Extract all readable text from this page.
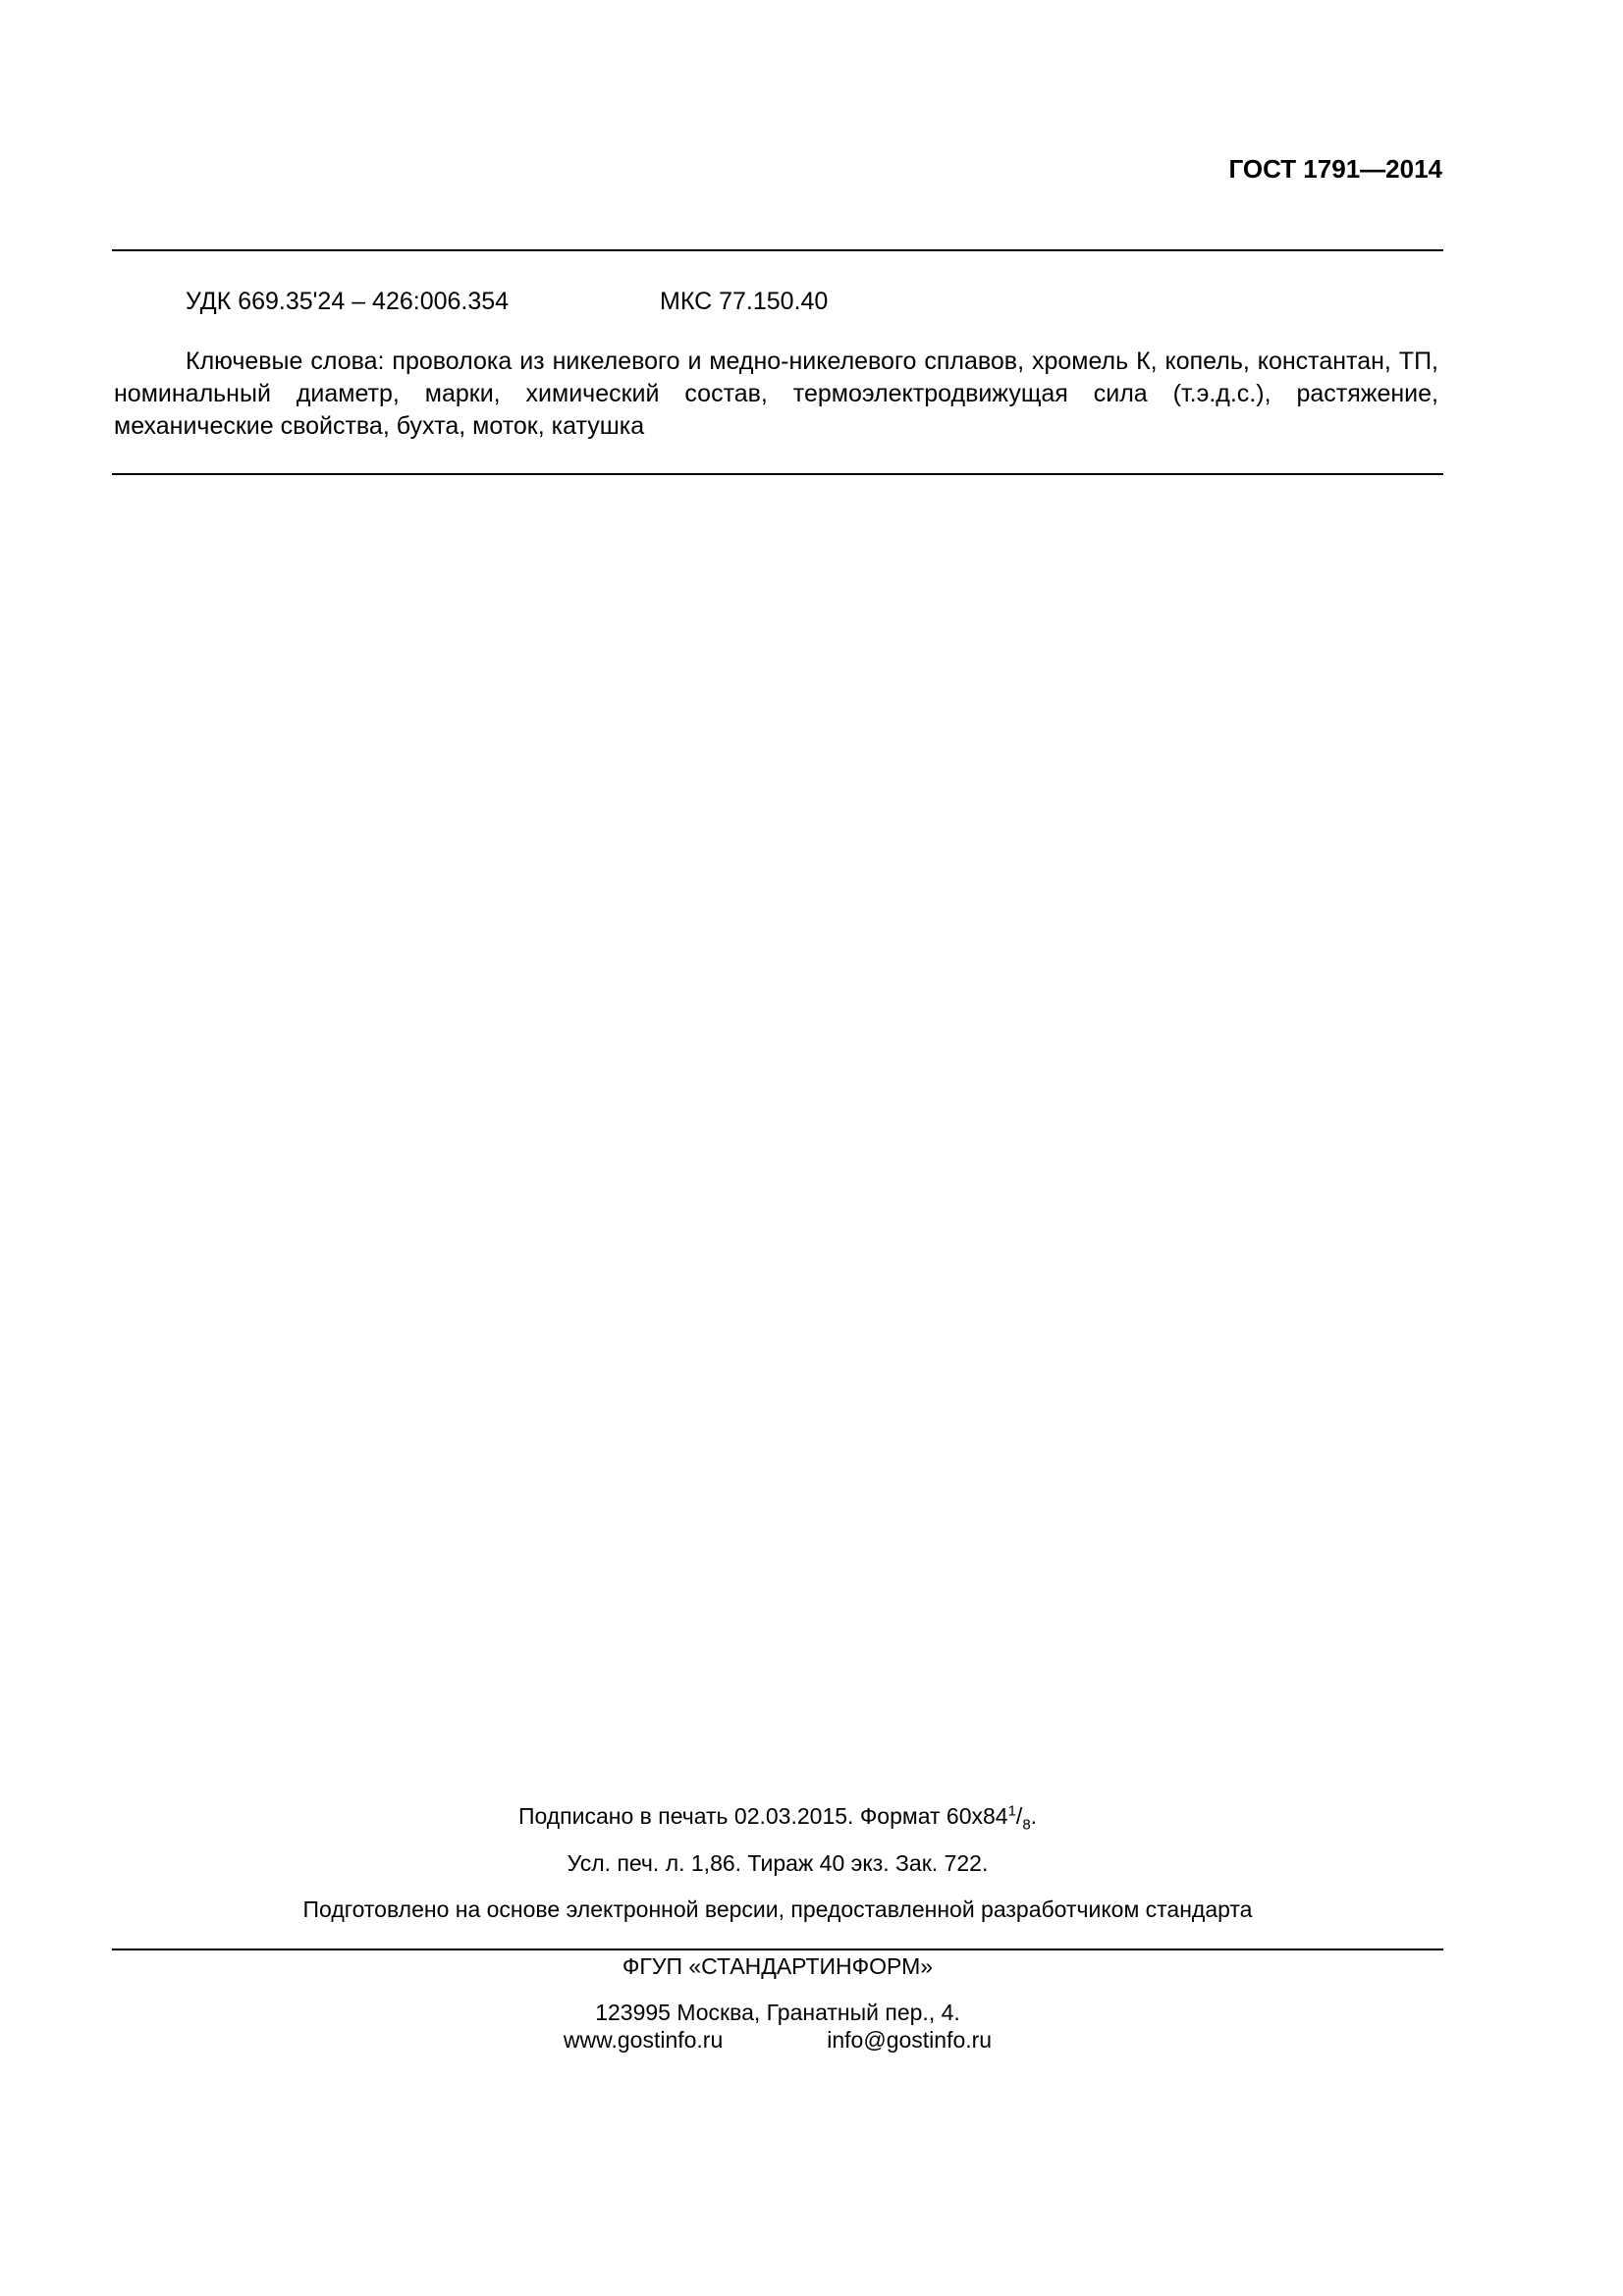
ГОСТ 1791—2014
УДК 669.35'24 – 426:006.354	МКС 77.150.40
Ключевые слова: проволока из никелевого и медно-никелевого сплавов, хромель К, копель, константан, ТП, номинальный диаметр, марки, химический состав, термоэлектродвижущая сила (т.э.д.с.), растяжение, механические свойства, бухта, моток, катушка
Подписано в печать 02.03.2015. Формат $60х84^1/_8$.
Усл. печ. л. 1,86. Тираж 40 экз. Зак. 722.
Подготовлено на основе электронной версии, предоставленной разработчиком стандарта
ФГУП «СТАНДАРТИНФОРМ»
123995 Москва, Гранатный пер., 4.
www.gostinfo.ru	info@gostinfo.ru
